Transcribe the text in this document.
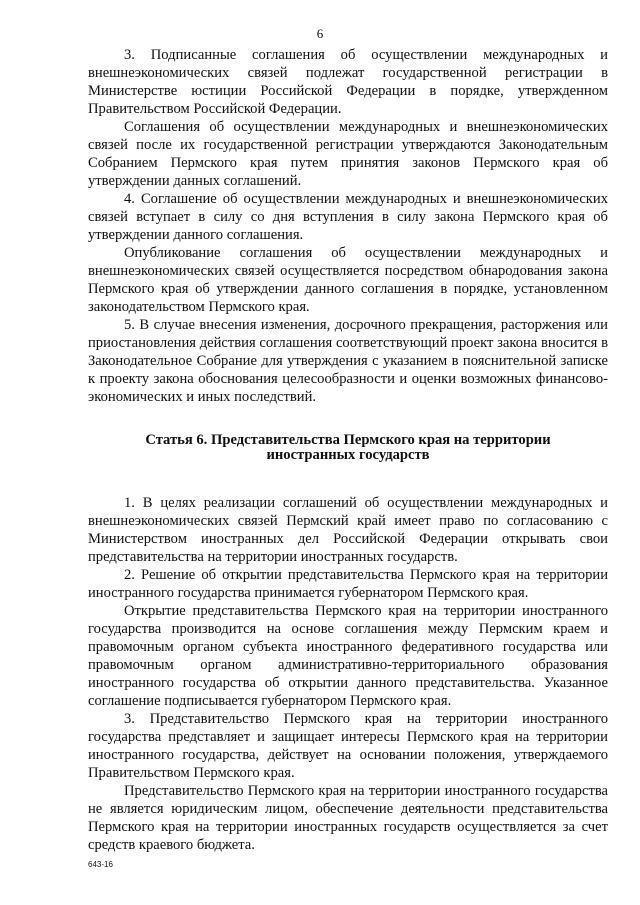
6

3. Подписанные соглашения об осуществлении международных и внешнеэкономических связей подлежат государственной регистрации в Министерстве юстиции Российской Федерации в порядке, утвержденном Правительством Российской Федерации.

Соглашения об осуществлении международных и внешнеэкономических связей после их государственной регистрации утверждаются Законодательным Собранием Пермского края путем принятия законов Пермского края об утверждении данных соглашений.

4. Соглашение об осуществлении международных и внешнеэкономических связей вступает в силу со дня вступления в силу закона Пермского края об утверждении данного соглашения.

Опубликование соглашения об осуществлении международных и внешнеэкономических связей осуществляется посредством обнародования закона Пермского края об утверждении данного соглашения в порядке, установленном законодательством Пермского края.

5. В случае внесения изменения, досрочного прекращения, расторжения или приостановления действия соглашения соответствующий проект закона вносится в Законодательное Собрание для утверждения с указанием в пояснительной записке к проекту закона обоснования целесообразности и оценки возможных финансово-экономических и иных последствий.

Статья 6. Представительства Пермского края на территории
иностранных государств

1. В целях реализации соглашений об осуществлении международных и внешнеэкономических связей Пермский край имеет право по согласованию с Министерством иностранных дел Российской Федерации открывать свои представительства на территории иностранных государств.

2. Решение об открытии представительства Пермского края на территории иностранного государства принимается губернатором Пермского края.

Открытие представительства Пермского края на территории иностранного государства производится на основе соглашения между Пермским краем и правомочным органом субъекта иностранного федеративного государства или правомочным органом административно-территориального образования иностранного государства об открытии данного представительства. Указанное соглашение подписывается губернатором Пермского края.

3. Представительство Пермского края на территории иностранного государства представляет и защищает интересы Пермского края на территории иностранного государства, действует на основании положения, утверждаемого Правительством Пермского края.

Представительство Пермского края на территории иностранного государства не является юридическим лицом, обеспечение деятельности представительства Пермского края на территории иностранных государств осуществляется за счет средств краевого бюджета.

643-16
